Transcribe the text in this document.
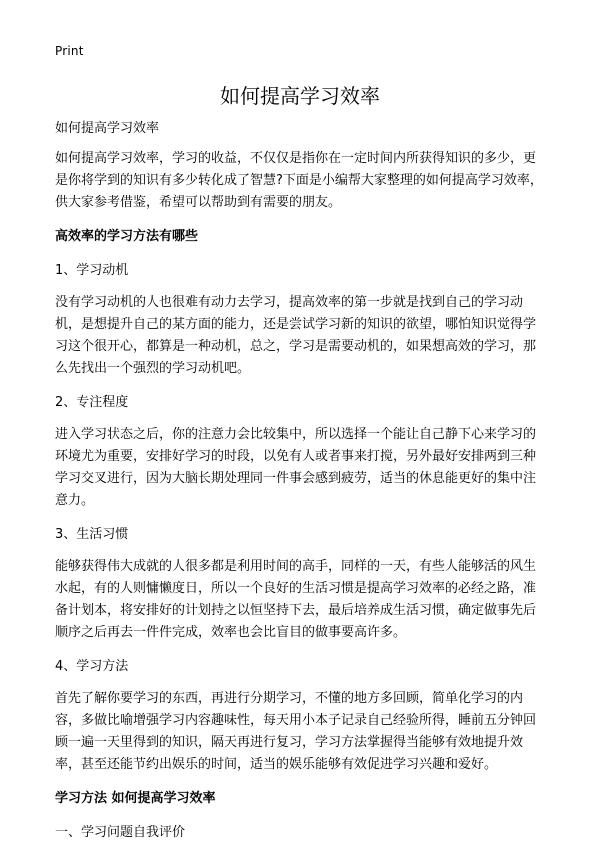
Print
如何提高学习效率

如何提高学习效率

如何提高学习效率，学习的收益，不仅仅是指你在一定时间内所获得知识的多少，更是你将学到的知识有多少转化成了智慧?下面是小编帮大家整理的如何提高学习效率，供大家参考借鉴，希望可以帮助到有需要的朋友。

高效率的学习方法有哪些

1、学习动机

没有学习动机的人也很难有动力去学习，提高效率的第一步就是找到自己的学习动机，是想提升自己的某方面的能力，还是尝试学习新的知识的欲望，哪怕知识觉得学习这个很开心，都算是一种动机，总之，学习是需要动机的，如果想高效的学习，那么先找出一个强烈的学习动机吧。

2、专注程度

进入学习状态之后，你的注意力会比较集中，所以选择一个能让自己静下心来学习的环境尤为重要，安排好学习的时段，以免有人或者事来打搅，另外最好安排两到三种学习交叉进行，因为大脑长期处理同一件事会感到疲劳，适当的休息能更好的集中注意力。

3、生活习惯

能够获得伟大成就的人很多都是利用时间的高手，同样的一天，有些人能够活的风生水起，有的人则慵懒度日，所以一个良好的生活习惯是提高学习效率的必经之路，准备计划本，将安排好的计划持之以恒坚持下去，最后培养成生活习惯，确定做事先后顺序之后再去一件件完成，效率也会比盲目的做事要高许多。

4、学习方法

首先了解你要学习的东西，再进行分期学习，不懂的地方多回顾，简单化学习的内容，多做比喻增强学习内容趣味性，每天用小本子记录自己经验所得，睡前五分钟回顾一遍一天里得到的知识，隔天再进行复习，学习方法掌握得当能够有效地提升效率，甚至还能节约出娱乐的时间，适当的娱乐能够有效促进学习兴趣和爱好。

学习方法 如何提高学习效率

一、学习问题自我评价
